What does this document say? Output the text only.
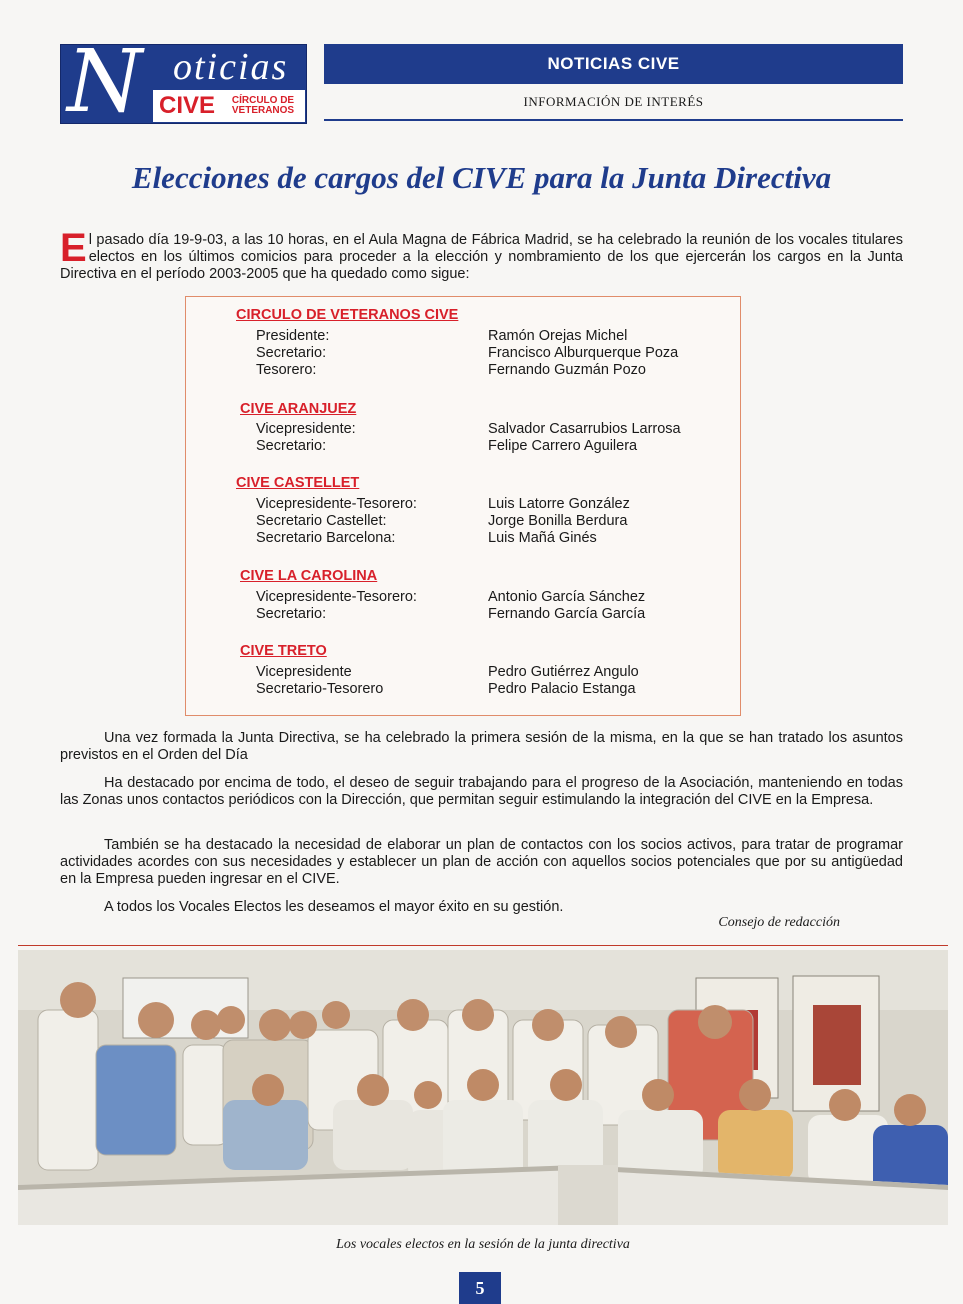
N oticias
CIVE	CÍRCULO DE
VETERANOS
NOTICIAS CIVE
INFORMACIÓN DE INTERÉS
Elecciones de cargos del CIVE para la Junta Directiva
El pasado día 19-9-03, a las 10 horas, en el Aula Magna de Fábrica Madrid, se ha celebrado la reunión de los vocales titulares electos en los últimos comicios para proceder a la elección y nombramiento de los que ejercerán los cargos en la Junta Directiva en el período 2003-2005 que ha quedado como sigue:
CIRCULO DE VETERANOS CIVE
Presidente:
Secretario:
Tesorero:
Ramón Orejas Michel
Francisco Alburquerque Poza
Fernando Guzmán Pozo
CIVE ARANJUEZ
Vicepresidente:
Secretario:
Salvador Casarrubios Larrosa
Felipe Carrero Aguilera
CIVE CASTELLET
Vicepresidente-Tesorero:
Secretario Castellet:
Secretario Barcelona:
Luis Latorre González
Jorge Bonilla Berdura
Luis Mañá Ginés
CIVE LA CAROLINA
Vicepresidente-Tesorero:
Secretario:
Antonio García Sánchez
Fernando García García
CIVE TRETO
Vicepresidente
Secretario-Tesorero
Pedro Gutiérrez Angulo
Pedro Palacio Estanga

Una vez formada la Junta Directiva, se ha celebrado la primera sesión de la misma, en la que se han tratado los asuntos previstos en el Orden del Día

Ha destacado por encima de todo, el deseo de seguir trabajando para el progreso de la Asociación, manteniendo en todas las Zonas unos contactos periódicos con la Dirección, que permitan seguir estimulando la integración del CIVE en la Empresa.

También se ha destacado la necesidad de elaborar un plan de contactos con los socios activos, para tratar de programar actividades acordes con sus necesidades y establecer un plan de acción con aquellos socios potenciales que por su antigüedad en la Empresa pueden ingresar en el CIVE.

A todos los Vocales Electos les deseamos el mayor éxito en su gestión.

Consejo de redacción
Los vocales electos en la sesión de la junta directiva
5
